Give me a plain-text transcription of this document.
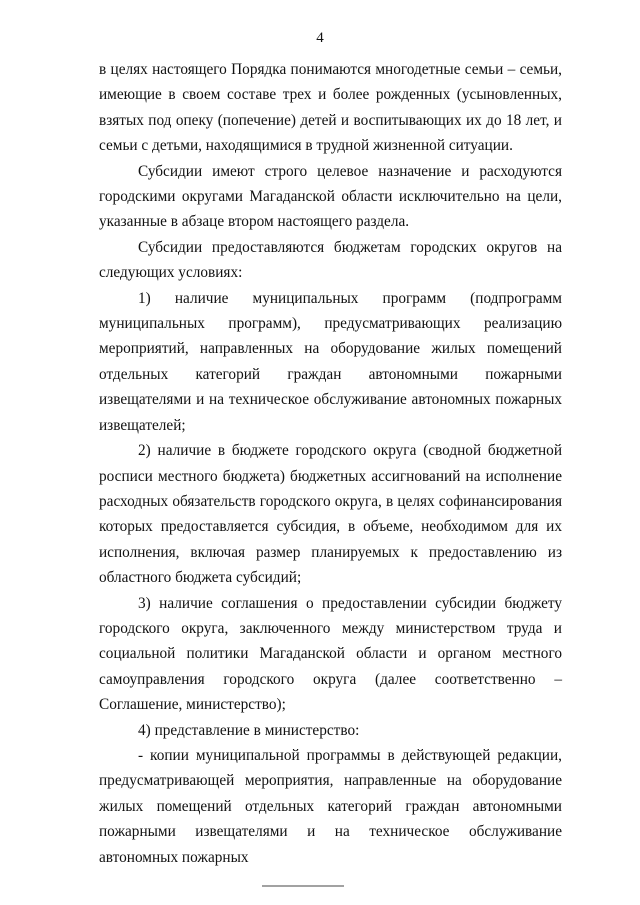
4

в целях настоящего Порядка понимаются многодетные семьи – семьи, имеющие в своем составе трех и более рожденных (усыновленных, взятых под опеку (попечение) детей и воспитывающих их до 18 лет, и семьи с детьми, находящимися в трудной жизненной ситуации.

Субсидии имеют строго целевое назначение и расходуются городскими округами Магаданской области исключительно на цели, указанные в абзаце втором настоящего раздела.

Субсидии предоставляются бюджетам городских округов на следующих условиях:

1) наличие муниципальных программ (подпрограмм муниципальных программ), предусматривающих реализацию мероприятий, направленных на оборудование жилых помещений отдельных категорий граждан автономными пожарными извещателями и на техническое обслуживание автономных пожарных извещателей;

2) наличие в бюджете городского округа (сводной бюджетной росписи местного бюджета) бюджетных ассигнований на исполнение расходных обязательств городского округа, в целях софинансирования которых предоставляется субсидия, в объеме, необходимом для их исполнения, включая размер планируемых к предоставлению из областного бюджета субсидий;

3) наличие соглашения о предоставлении субсидии бюджету городского округа, заключенного между министерством труда и социальной политики Магаданской области и органом местного самоуправления городского округа (далее соответственно – Соглашение, министерство);

4) представление в министерство:

- копии муниципальной программы в действующей редакции, предусматривающей мероприятия, направленные на оборудование жилых помещений отдельных категорий граждан автономными пожарными извещателями и на техническое обслуживание автономных пожарных
